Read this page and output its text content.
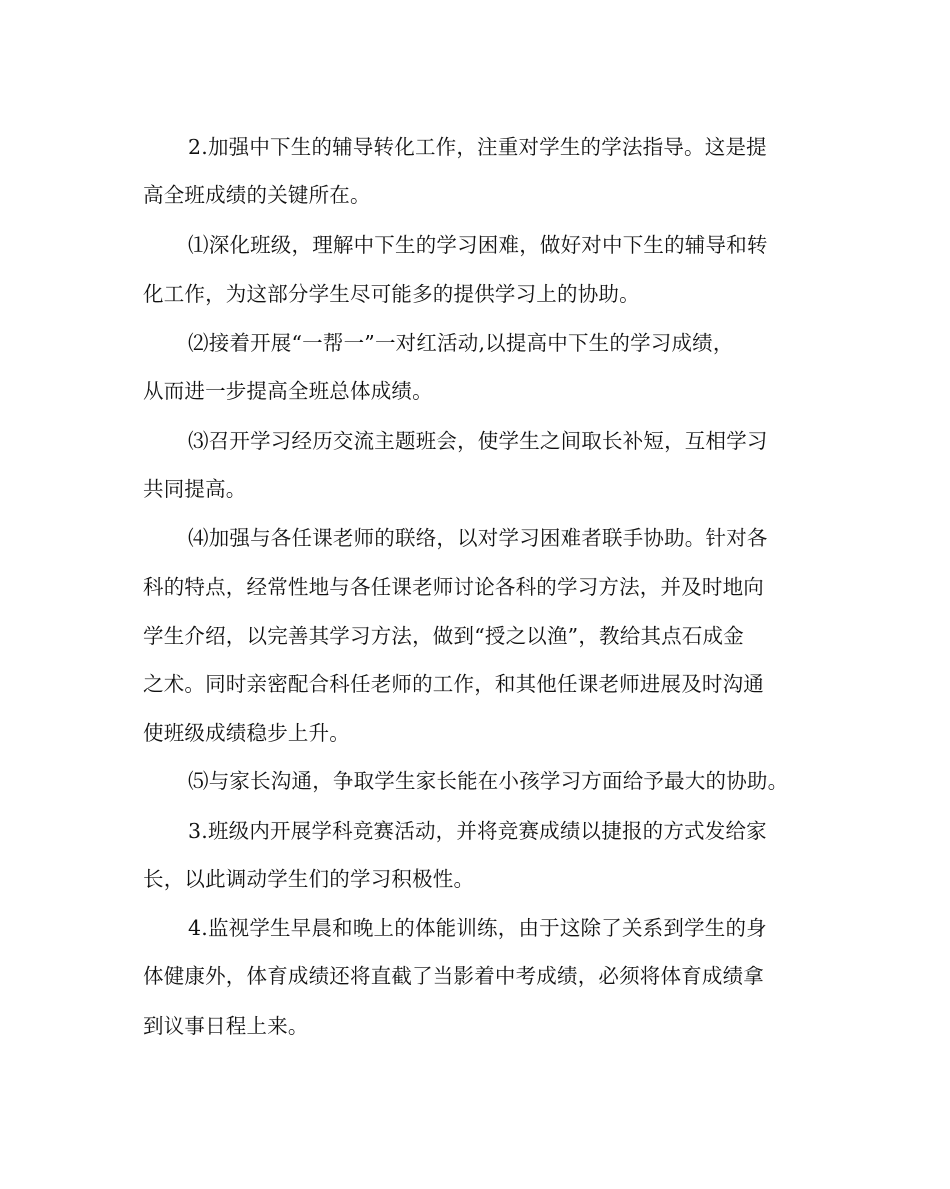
2.加强中下生的辅导转化工作，注重对学生的学法指导。这是提
高全班成绩的关键所在。
⑴深化班级，理解中下生的学习困难，做好对中下生的辅导和转
化工作，为这部分学生尽可能多的提供学习上的协助。
⑵接着开展“一帮一”一对红活动,以提高中下生的学习成绩，
从而进一步提高全班总体成绩。
⑶召开学习经历交流主题班会，使学生之间取长补短，互相学习
共同提高。
⑷加强与各任课老师的联络，以对学习困难者联手协助。针对各
科的特点，经常性地与各任课老师讨论各科的学习方法，并及时地向
学生介绍，以完善其学习方法，做到“授之以渔”，教给其点石成金
之术。同时亲密配合科任老师的工作，和其他任课老师进展及时沟通
使班级成绩稳步上升。
⑸与家长沟通，争取学生家长能在小孩学习方面给予最大的协助。
3.班级内开展学科竞赛活动，并将竞赛成绩以捷报的方式发给家
长，以此调动学生们的学习积极性。
4.监视学生早晨和晚上的体能训练，由于这除了关系到学生的身
体健康外，体育成绩还将直截了当影着中考成绩，必须将体育成绩拿
到议事日程上来。
